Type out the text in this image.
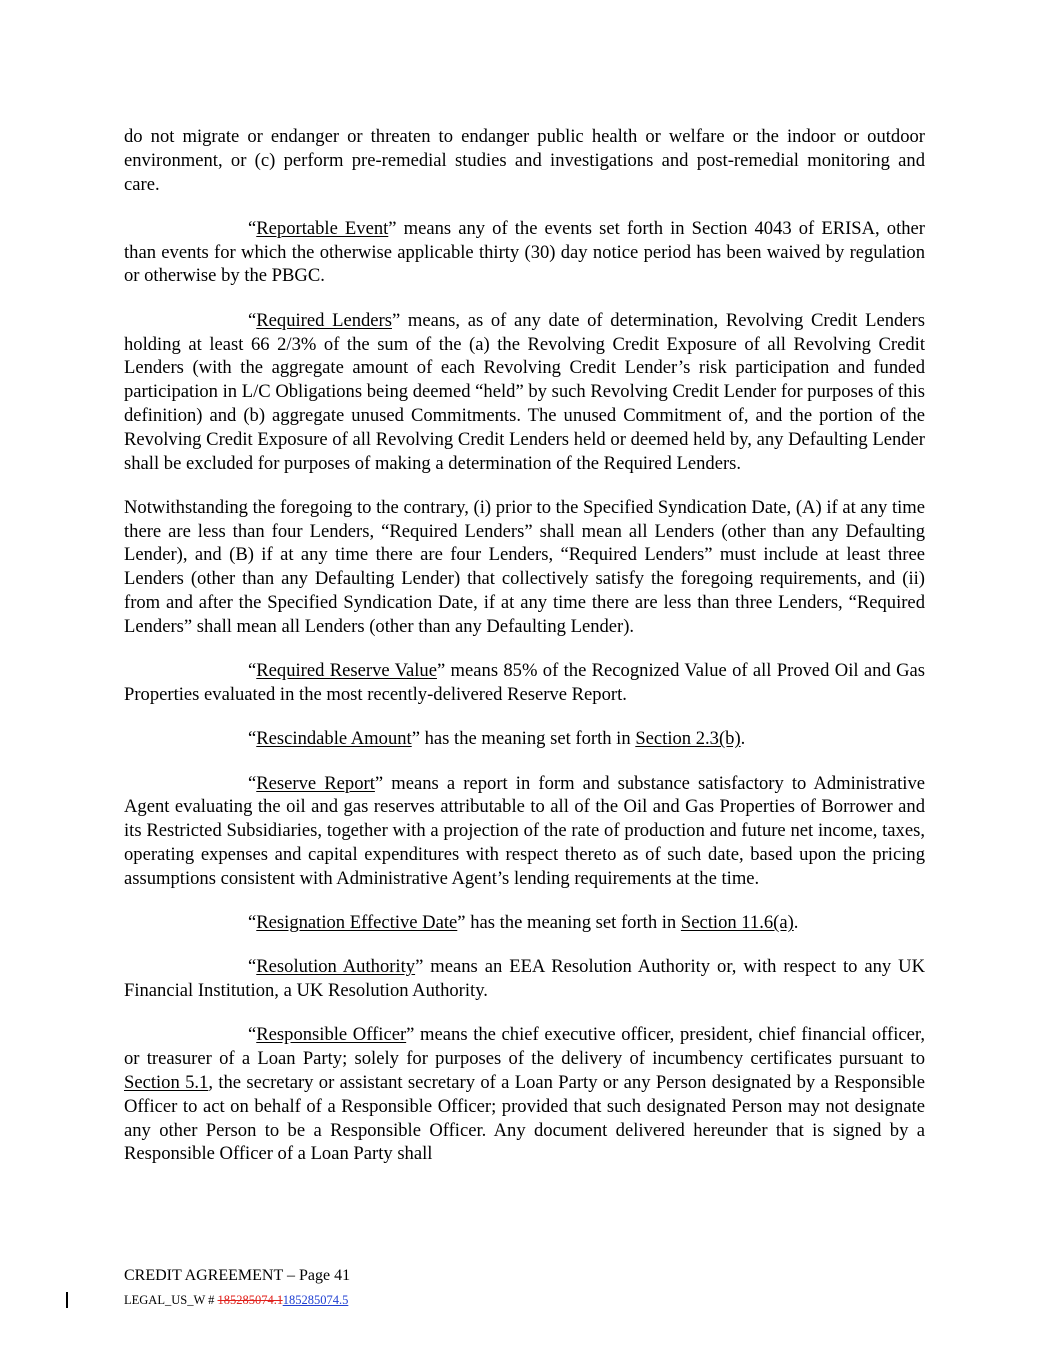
do not migrate or endanger or threaten to endanger public health or welfare or the indoor or outdoor environment, or (c) perform pre-remedial studies and investigations and post-remedial monitoring and care.

“Reportable Event” means any of the events set forth in Section 4043 of ERISA, other than events for which the otherwise applicable thirty (30) day notice period has been waived by regulation or otherwise by the PBGC.

“Required Lenders” means, as of any date of determination, Revolving Credit Lenders holding at least 66 2/3% of the sum of the (a) the Revolving Credit Exposure of all Revolving Credit Lenders (with the aggregate amount of each Revolving Credit Lender’s risk participation and funded participation in L/C Obligations being deemed “held” by such Revolving Credit Lender for purposes of this definition) and (b) aggregate unused Commitments. The unused Commitment of, and the portion of the Revolving Credit Exposure of all Revolving Credit Lenders held or deemed held by, any Defaulting Lender shall be excluded for purposes of making a determination of the Required Lenders.

Notwithstanding the foregoing to the contrary, (i) prior to the Specified Syndication Date, (A) if at any time there are less than four Lenders, “Required Lenders” shall mean all Lenders (other than any Defaulting Lender), and (B) if at any time there are four Lenders, “Required Lenders” must include at least three Lenders (other than any Defaulting Lender) that collectively satisfy the foregoing requirements, and (ii) from and after the Specified Syndication Date, if at any time there are less than three Lenders, “Required Lenders” shall mean all Lenders (other than any Defaulting Lender).

“Required Reserve Value” means 85% of the Recognized Value of all Proved Oil and Gas Properties evaluated in the most recently-delivered Reserve Report.

“Rescindable Amount” has the meaning set forth in Section 2.3(b).

“Reserve Report” means a report in form and substance satisfactory to Administrative Agent evaluating the oil and gas reserves attributable to all of the Oil and Gas Properties of Borrower and its Restricted Subsidiaries, together with a projection of the rate of production and future net income, taxes, operating expenses and capital expenditures with respect thereto as of such date, based upon the pricing assumptions consistent with Administrative Agent’s lending requirements at the time.

“Resignation Effective Date” has the meaning set forth in Section 11.6(a).

“Resolution Authority” means an EEA Resolution Authority or, with respect to any UK Financial Institution, a UK Resolution Authority.

“Responsible Officer” means the chief executive officer, president, chief financial officer, or treasurer of a Loan Party; solely for purposes of the delivery of incumbency certificates pursuant to Section 5.1, the secretary or assistant secretary of a Loan Party or any Person designated by a Responsible Officer to act on behalf of a Responsible Officer; provided that such designated Person may not designate any other Person to be a Responsible Officer. Any document delivered hereunder that is signed by a Responsible Officer of a Loan Party shall

CREDIT AGREEMENT – Page 41
LEGAL_US_W # 185285074.1185285074.5
